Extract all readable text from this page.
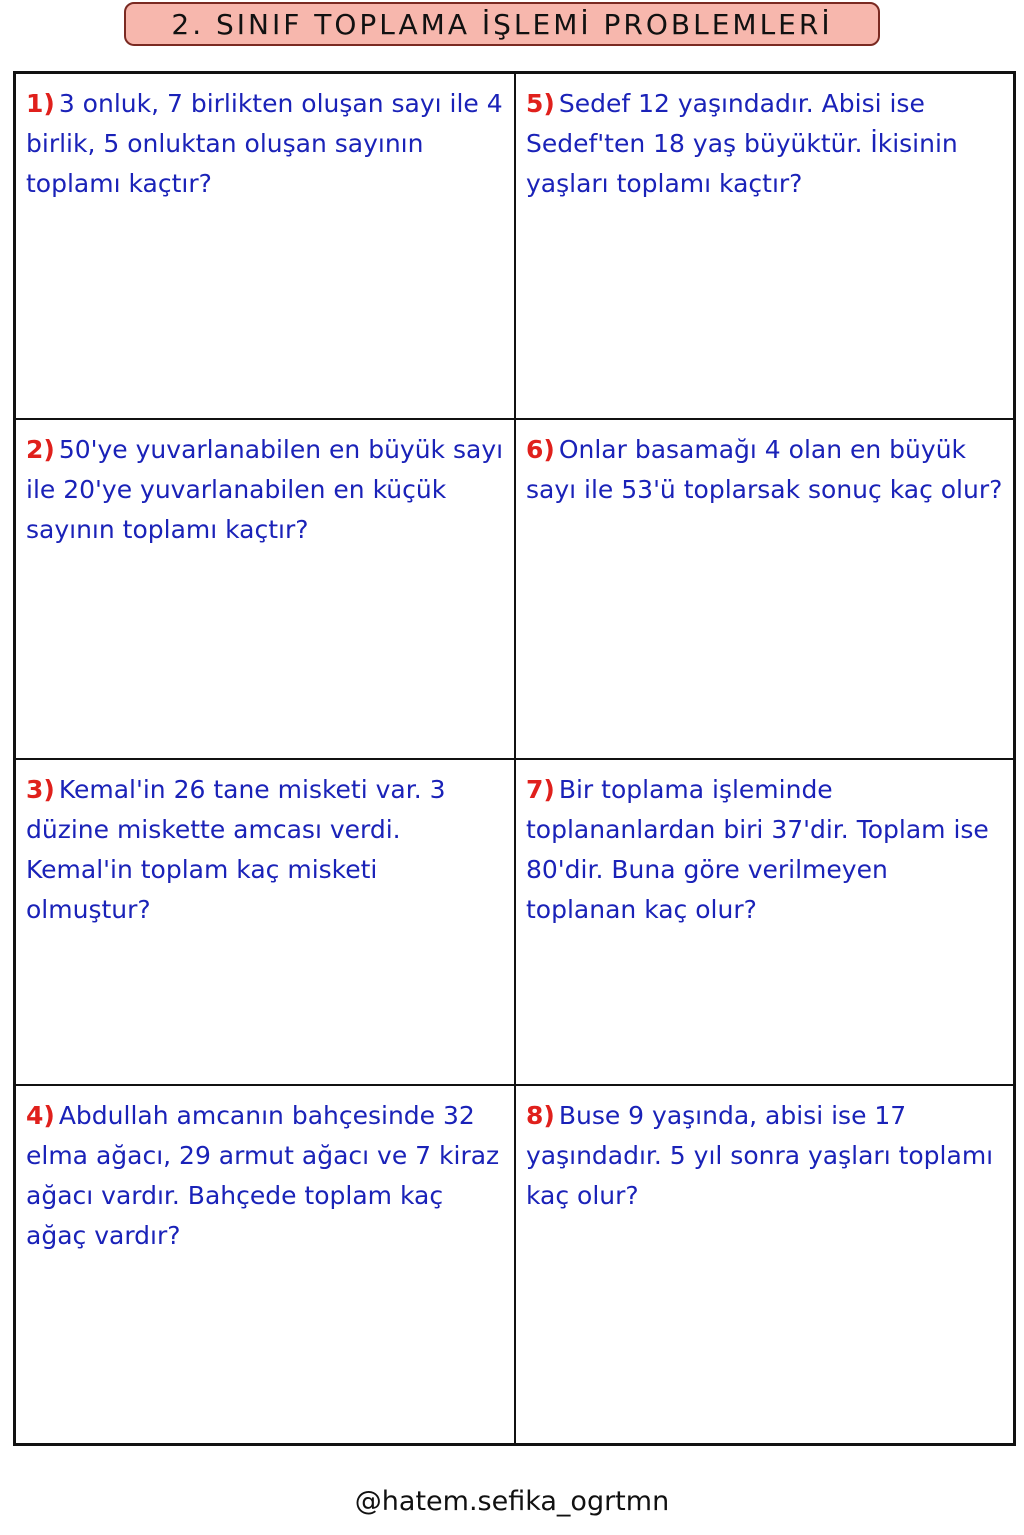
2. SINIF TOPLAMA İŞLEMİ PROBLEMLERİ

1) 3 onluk, 7 birlikten oluşan sayı ile 4 birlik, 5 onluktan oluşan sayının toplamı kaçtır?

5) Sedef 12 yaşındadır. Abisi ise Sedef'ten 18 yaş büyüktür. İkisinin yaşları toplamı kaçtır?

2) 50'ye yuvarlanabilen en büyük sayı ile 20'ye yuvarlanabilen en küçük sayının toplamı kaçtır?

6) Onlar basamağı 4 olan en büyük sayı ile 53'ü toplarsak sonuç kaç olur?

3) Kemal'in 26 tane misketi var. 3 düzine miskette amcası verdi. Kemal'in toplam kaç misketi olmuştur?

7) Bir toplama işleminde toplananlardan biri 37'dir. Toplam ise 80'dir. Buna göre verilmeyen toplanan kaç olur?

4) Abdullah amcanın bahçesinde 32 elma ağacı, 29 armut ağacı ve 7 kiraz ağacı vardır. Bahçede toplam kaç ağaç vardır?

8) Buse 9 yaşında, abisi ise 17 yaşındadır. 5 yıl sonra yaşları toplamı kaç olur?

@hatem.sefika_ogrtmn
